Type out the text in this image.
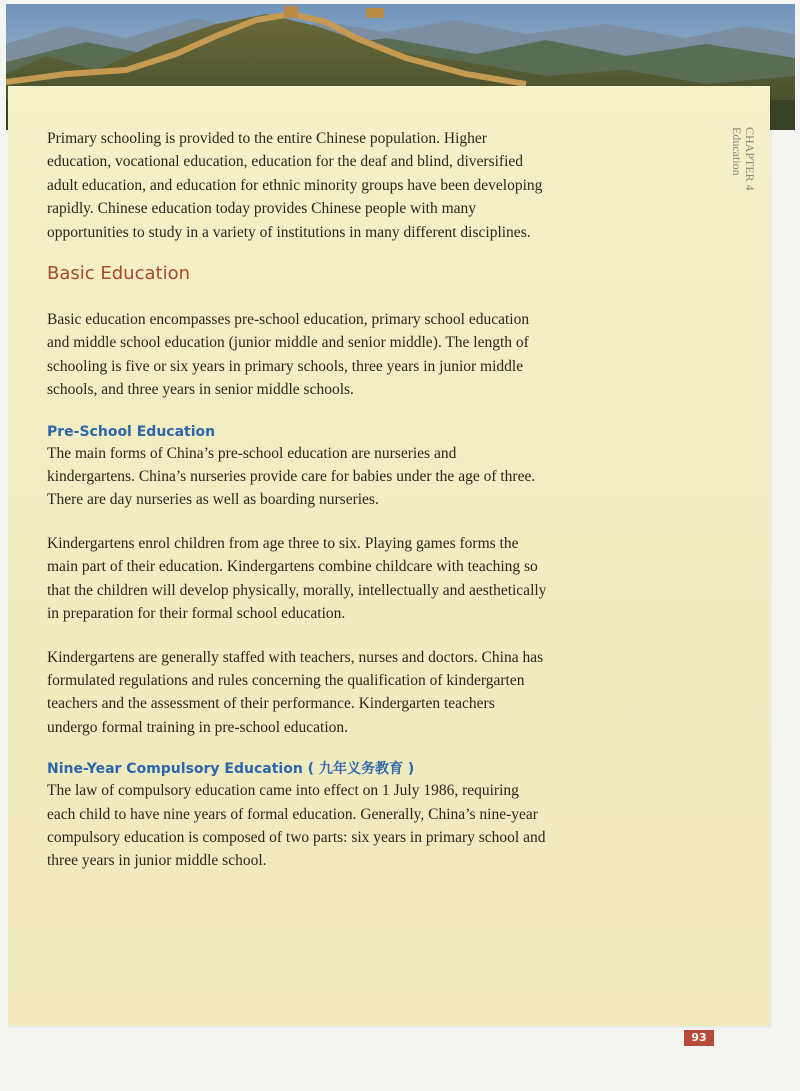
CHAPTER 4
Education

Primary schooling is provided to the entire Chinese population. Higher education, vocational education, education for the deaf and blind, diversified adult education, and education for ethnic minority groups have been developing rapidly. Chinese education today provides Chinese people with many opportunities to study in a variety of institutions in many different disciplines.

Basic Education

Basic education encompasses pre-school education, primary school education and middle school education (junior middle and senior middle). The length of schooling is five or six years in primary schools, three years in junior middle schools, and three years in senior middle schools.

Pre-School Education

The main forms of China’s pre-school education are nurseries and kindergartens. China’s nurseries provide care for babies under the age of three. There are day nurseries as well as boarding nurseries.

Kindergartens enrol children from age three to six. Playing games forms the main part of their education. Kindergartens combine childcare with teaching so that the children will develop physically, morally, intellectually and aesthetically in preparation for their formal school education.

Kindergartens are generally staffed with teachers, nurses and doctors. China has formulated regulations and rules concerning the qualification of kindergarten teachers and the assessment of their performance. Kindergarten teachers undergo formal training in pre-school education.

Nine-Year Compulsory Education ( 九年义务教育 )

The law of compulsory education came into effect on 1 July 1986, requiring each child to have nine years of formal education. Generally, China’s nine-year compulsory education is composed of two parts: six years in primary school and three years in junior middle school.

93
